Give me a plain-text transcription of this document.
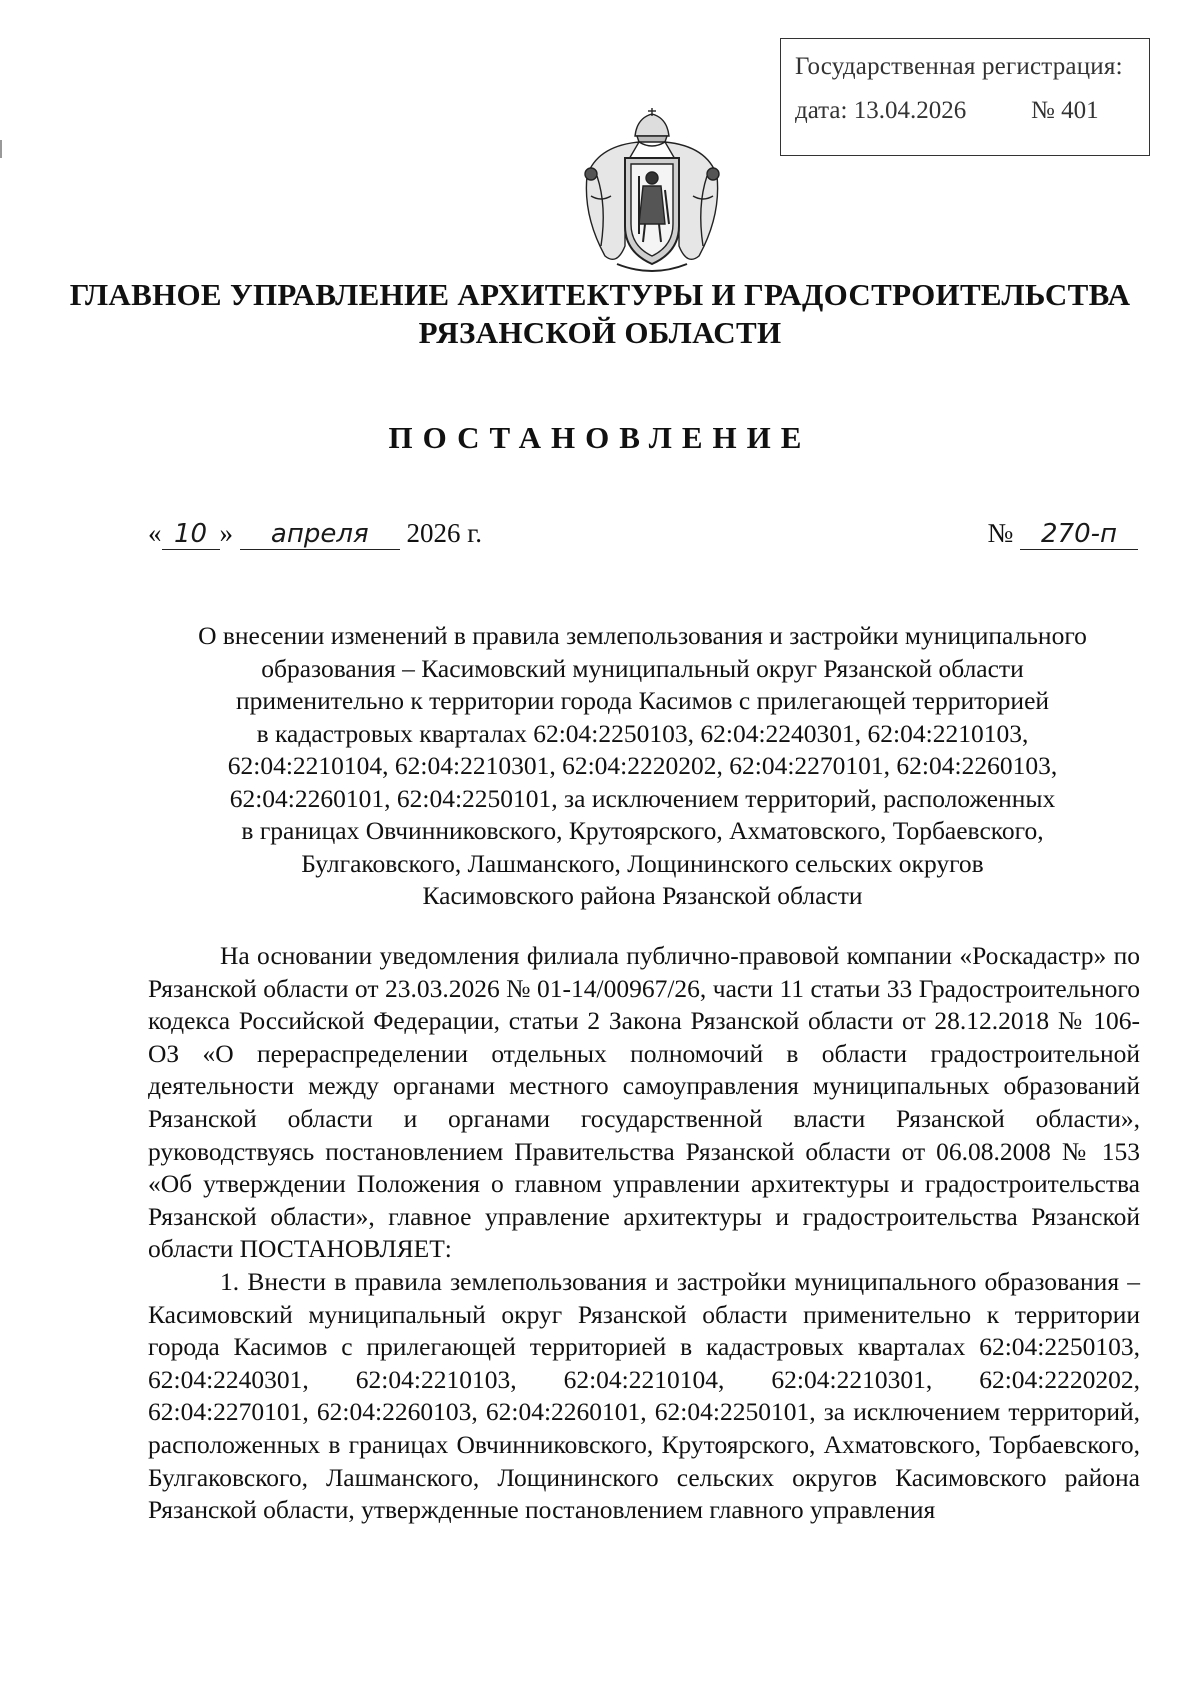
Государственная регистрация:
дата: 13.04.2026	№ 401
ГЛАВНОЕ УПРАВЛЕНИЕ АРХИТЕКТУРЫ И ГРАДОСТРОИТЕЛЬСТВА
РЯЗАНСКОЙ ОБЛАСТИ
ПОСТАНОВЛЕНИЕ
« 10 » апреля 2026 г.	№ 270-п
О внесении изменений в правила землепользования и застройки муниципального
образования – Касимовский муниципальный округ Рязанской области
применительно к территории города Касимов с прилегающей территорией
в кадастровых кварталах 62:04:2250103, 62:04:2240301, 62:04:2210103,
62:04:2210104, 62:04:2210301, 62:04:2220202, 62:04:2270101, 62:04:2260103,
62:04:2260101, 62:04:2250101, за исключением территорий, расположенных
в границах Овчинниковского, Крутоярского, Ахматовского, Торбаевского,
Булгаковского, Лашманского, Лощининского сельских округов
Касимовского района Рязанской области

На основании уведомления филиала публично-правовой компании «Роскадастр» по Рязанской области от 23.03.2026 № 01-14/00967/26, части 11 статьи 33 Градостроительного кодекса Российской Федерации, статьи 2 Закона Рязанской области от 28.12.2018 № 106-ОЗ «О перераспределении отдельных полномочий в области градостроительной деятельности между органами местного самоуправления муниципальных образований Рязанской области и органами государственной власти Рязанской области», руководствуясь постановлением Правительства Рязанской области от 06.08.2008 № 153 «Об утверждении Положения о главном управлении архитектуры и градостроительства Рязанской области», главное управление архитектуры и градостроительства Рязанской области ПОСТАНОВЛЯЕТ:

1. Внести в правила землепользования и застройки муниципального образования – Касимовский муниципальный округ Рязанской области применительно к территории города Касимов с прилегающей территорией в кадастровых кварталах 62:04:2250103, 62:04:2240301, 62:04:2210103, 62:04:2210104, 62:04:2210301, 62:04:2220202, 62:04:2270101, 62:04:2260103, 62:04:2260101, 62:04:2250101, за исключением территорий, расположенных в границах Овчинниковского, Крутоярского, Ахматовского, Торбаевского, Булгаковского, Лашманского, Лощининского сельских округов Касимовского района Рязанской области, утвержденные постановлением главного управления
